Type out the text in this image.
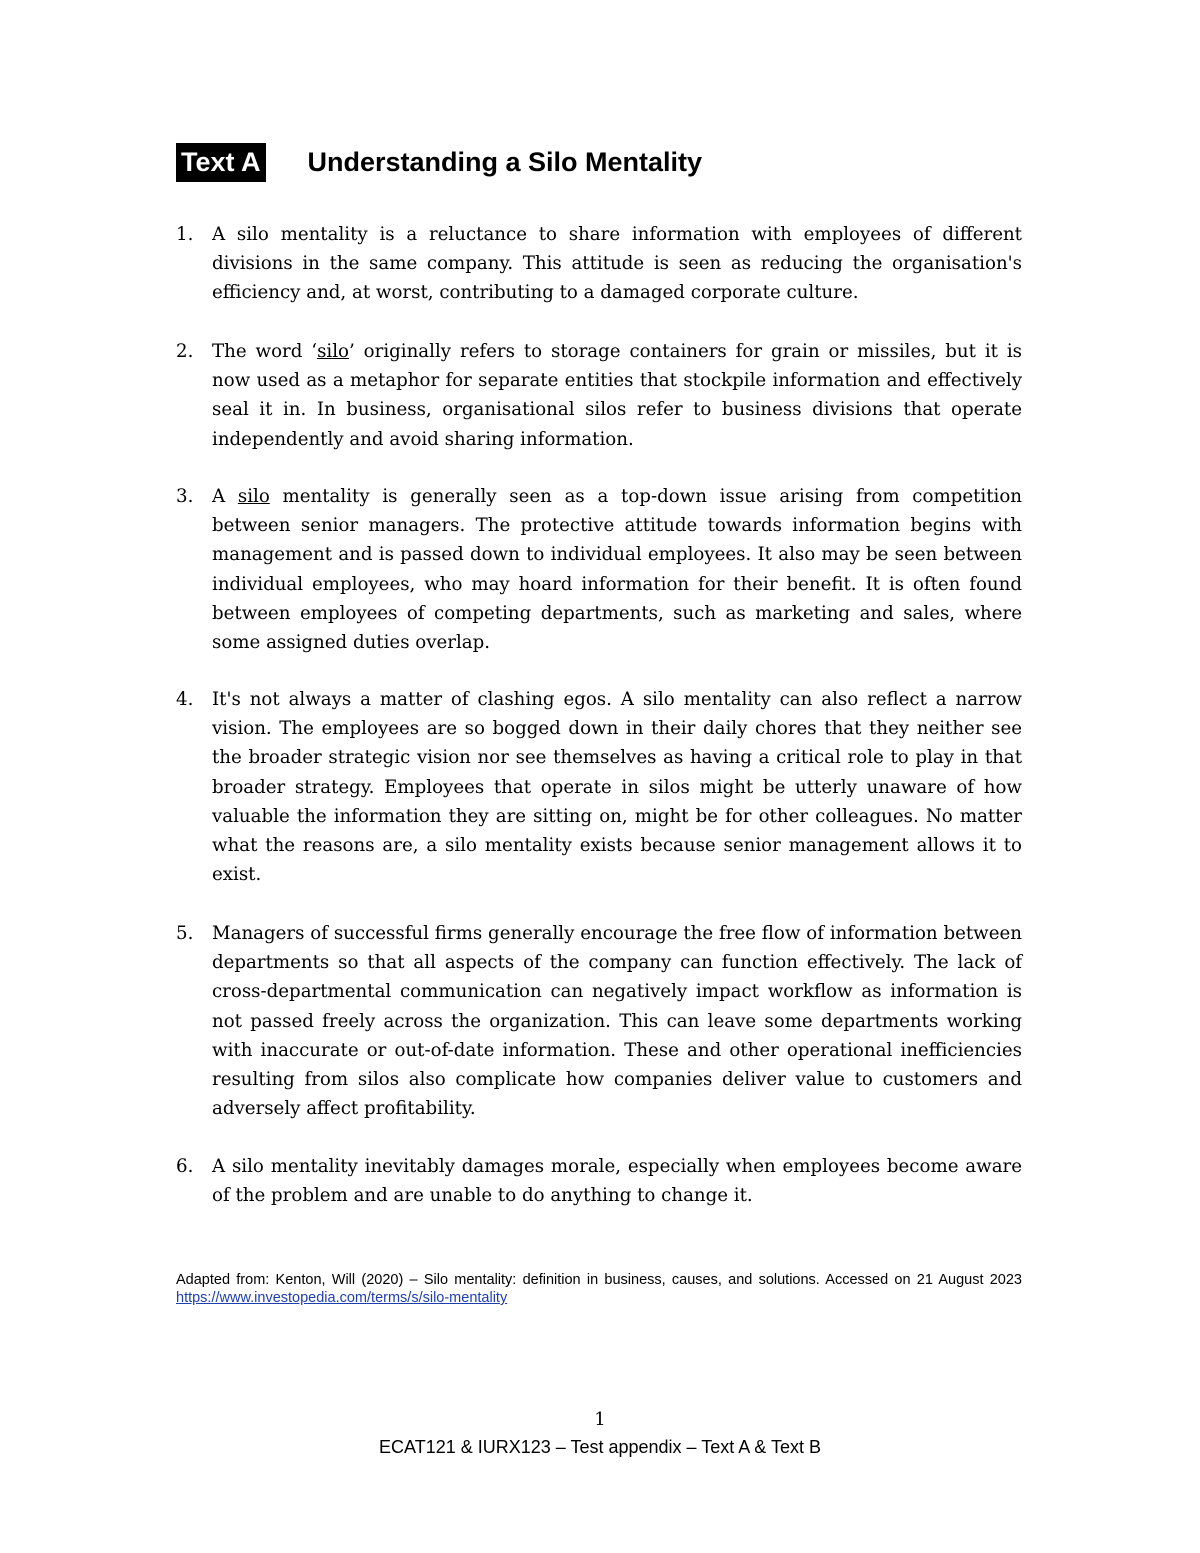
Text A Understanding a Silo Mentality
1.	A silo mentality is a reluctance to share information with employees of different divisions in the same company. This attitude is seen as reducing the organisation's efficiency and, at worst, contributing to a damaged corporate culture.
2.	The word ‘silo’ originally refers to storage containers for grain or missiles, but it is now used as a metaphor for separate entities that stockpile information and effectively seal it in. In business, organisational silos refer to business divisions that operate independently and avoid sharing information.
3.	A silo mentality is generally seen as a top-down issue arising from competition between senior managers. The protective attitude towards information begins with management and is passed down to individual employees. It also may be seen between individual employees, who may hoard information for their benefit. It is often found between employees of competing departments, such as marketing and sales, where some assigned duties overlap.
4.	It's not always a matter of clashing egos. A silo mentality can also reflect a narrow vision. The employees are so bogged down in their daily chores that they neither see the broader strategic vision nor see themselves as having a critical role to play in that broader strategy. Employees that operate in silos might be utterly unaware of how valuable the information they are sitting on, might be for other colleagues. No matter what the reasons are, a silo mentality exists because senior management allows it to exist.
5.	Managers of successful firms generally encourage the free flow of information between departments so that all aspects of the company can function effectively. The lack of cross-departmental communication can negatively impact workflow as information is not passed freely across the organization. This can leave some departments working with inaccurate or out-of-date information. These and other operational inefficiencies resulting from silos also complicate how companies deliver value to customers and adversely affect profitability.
6.	A silo mentality inevitably damages morale, especially when employees become aware of the problem and are unable to do anything to change it.
Adapted from: Kenton, Will (2020) – Silo mentality: definition in business, causes, and solutions. Accessed on 21 August 2023 https://www.investopedia.com/terms/s/silo-mentality
1
ECAT121 & IURX123 – Test appendix – Text A & Text B
